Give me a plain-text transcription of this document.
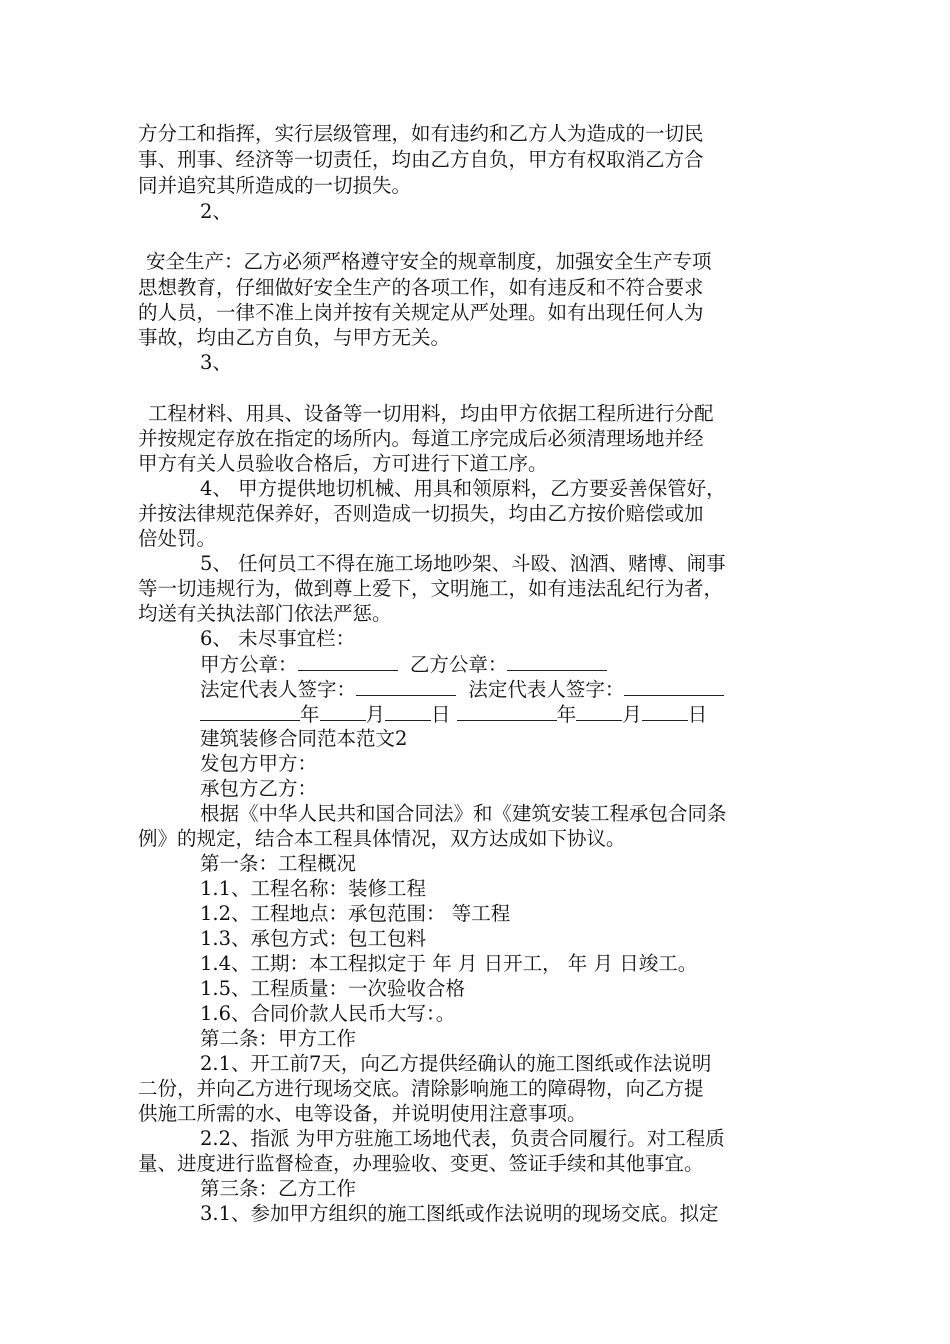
方分工和指挥，实行层级管理，如有违约和乙方人为造成的一切民
事、刑事、经济等一切责任，均由乙方自负，甲方有权取消乙方合
同并追究其所造成的一切损失。
2、
安全生产：乙方必须严格遵守安全的规章制度，加强安全生产专项
思想教育，仔细做好安全生产的各项工作，如有违反和不符合要求
的人员，一律不准上岗并按有关规定从严处理。如有出现任何人为
事故，均由乙方自负，与甲方无关。
3、
工程材料、用具、设备等一切用料，均由甲方依据工程所进行分配
并按规定存放在指定的场所内。每道工序完成后必须清理场地并经
甲方有关人员验收合格后，方可进行下道工序。
4、 甲方提供地切机械、用具和领原料，乙方要妥善保管好，
并按法律规范保养好，否则造成一切损失，均由乙方按价赔偿或加
倍处罚。
5、 任何员工不得在施工场地吵架、斗殴、汹酒、赌博、闹事
等一切违规行为，做到尊上爱下，文明施工，如有违法乱纪行为者，
均送有关执法部门依法严惩。
6、 未尽事宜栏：
甲方公章：	乙方公章：
法定代表人签字：	法定代表人签字：
年 月 日	年 月 日
建筑装修合同范本范文2
发包方甲方：
承包方乙方：
根据《中华人民共和国合同法》和《建筑安装工程承包合同条
例》的规定，结合本工程具体情况，双方达成如下协议。
第一条：工程概况
1.1、工程名称：装修工程
1.2、工程地点：承包范围： 等工程
1.3、承包方式：包工包料
1.4、工期：本工程拟定于 年 月 日开工， 年 月 日竣工。
1.5、工程质量：一次验收合格
1.6、合同价款人民币大写：。
第二条：甲方工作
2.1、开工前7天，向乙方提供经确认的施工图纸或作法说明
二份，并向乙方进行现场交底。清除影响施工的障碍物，向乙方提
供施工所需的水、电等设备，并说明使用注意事项。
2.2、指派 为甲方驻施工场地代表，负责合同履行。对工程质
量、进度进行监督检查，办理验收、变更、签证手续和其他事宜。
第三条：乙方工作
3.1、参加甲方组织的施工图纸或作法说明的现场交底。拟定
